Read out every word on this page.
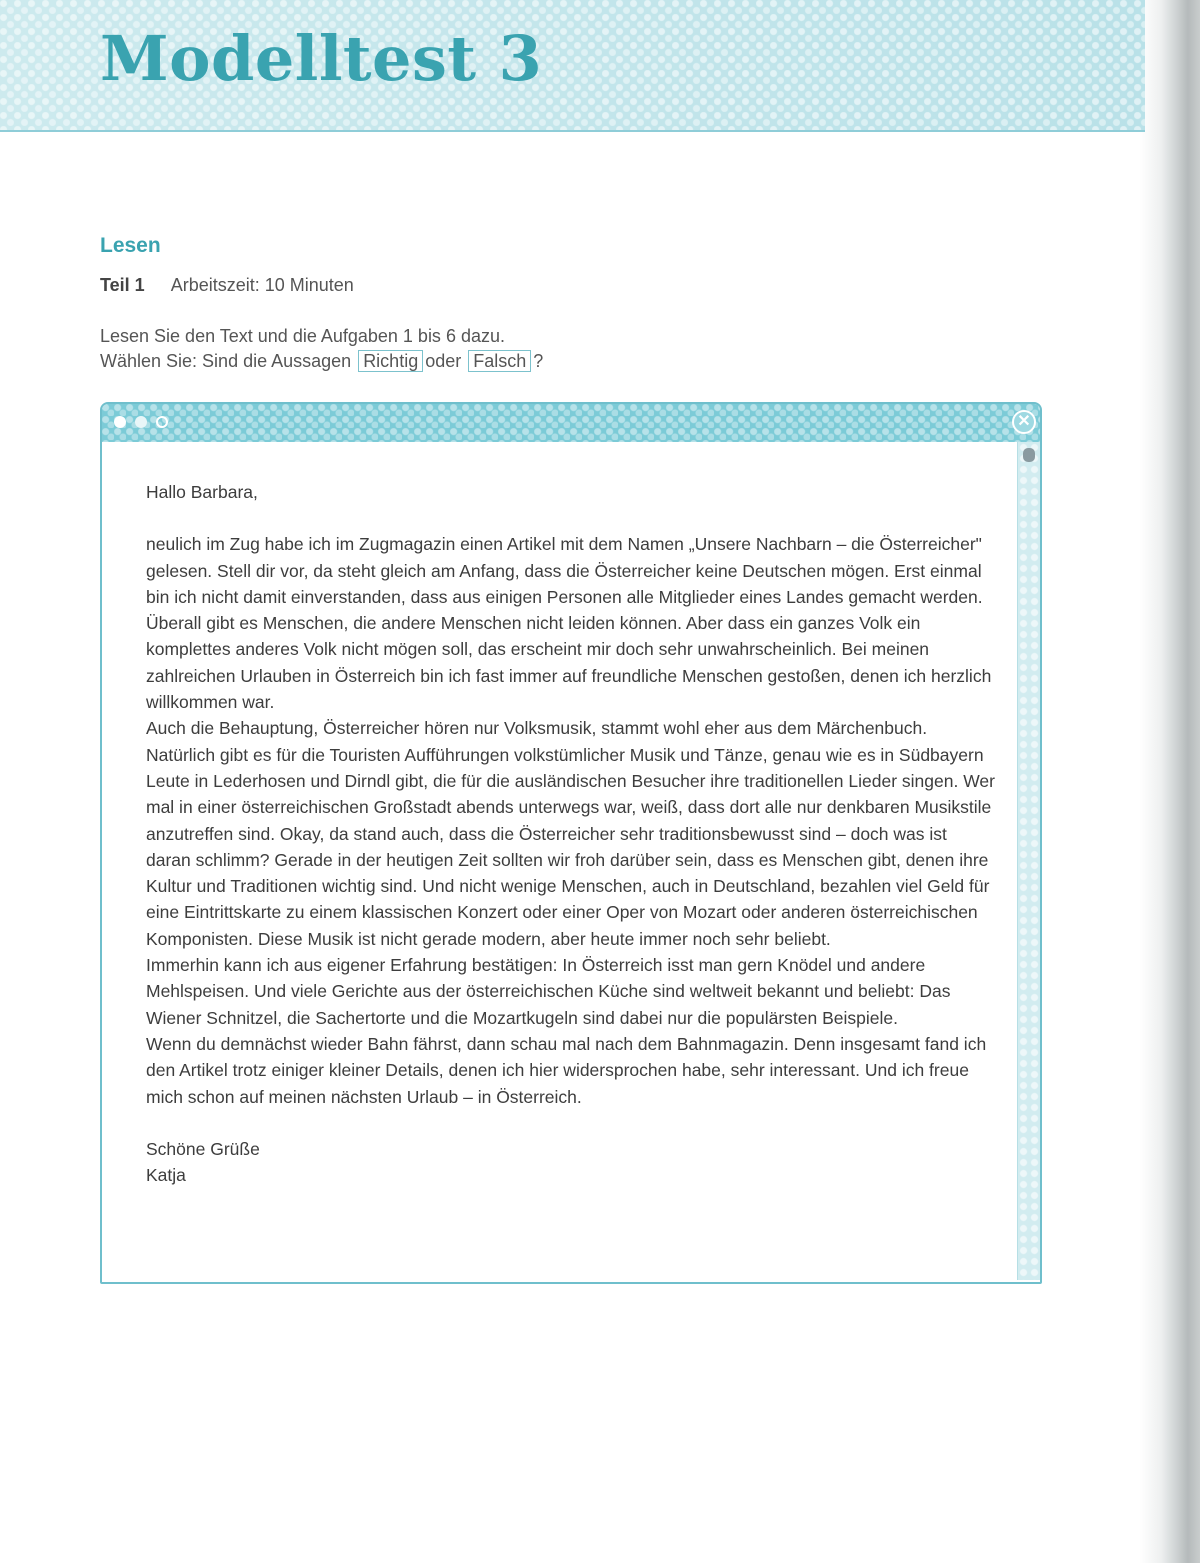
Modelltest 3
Lesen
Teil 1 Arbeitszeit: 10 Minuten
Lesen Sie den Text und die Aufgaben 1 bis 6 dazu.
Wählen Sie: Sind die Aussagen Richtig oder Falsch ?
✕

Hallo Barbara,

neulich im Zug habe ich im Zugmagazin einen Artikel mit dem Namen „Unsere Nachbarn – die Österreicher" gelesen. Stell dir vor, da steht gleich am Anfang, dass die Österreicher keine Deutschen mögen. Erst einmal bin ich nicht damit einverstanden, dass aus einigen Personen alle Mitglieder eines Landes gemacht werden. Überall gibt es Menschen, die andere Menschen nicht leiden können. Aber dass ein ganzes Volk ein komplettes anderes Volk nicht mögen soll, das erscheint mir doch sehr unwahrscheinlich. Bei meinen zahlreichen Urlauben in Österreich bin ich fast immer auf freundliche Menschen gestoßen, denen ich herzlich willkommen war.

Auch die Behauptung, Österreicher hören nur Volksmusik, stammt wohl eher aus dem Märchenbuch. Natürlich gibt es für die Touristen Aufführungen volkstümlicher Musik und Tänze, genau wie es in Südbayern Leute in Lederhosen und Dirndl gibt, die für die ausländischen Besucher ihre traditionellen Lieder singen. Wer mal in einer österreichischen Großstadt abends unterwegs war, weiß, dass dort alle nur denkbaren Musikstile anzutreffen sind. Okay, da stand auch, dass die Österreicher sehr traditionsbewusst sind – doch was ist daran schlimm? Gerade in der heutigen Zeit sollten wir froh darüber sein, dass es Menschen gibt, denen ihre Kultur und Traditionen wichtig sind. Und nicht wenige Menschen, auch in Deutschland, bezahlen viel Geld für eine Eintrittskarte zu einem klassischen Konzert oder einer Oper von Mozart oder anderen österreichischen Komponisten. Diese Musik ist nicht gerade modern, aber heute immer noch sehr beliebt.

Immerhin kann ich aus eigener Erfahrung bestätigen: In Österreich isst man gern Knödel und andere Mehlspeisen. Und viele Gerichte aus der österreichischen Küche sind weltweit bekannt und beliebt: Das Wiener Schnitzel, die Sachertorte und die Mozartkugeln sind dabei nur die populärsten Beispiele.

Wenn du demnächst wieder Bahn fährst, dann schau mal nach dem Bahnmagazin. Denn insgesamt fand ich den Artikel trotz einiger kleiner Details, denen ich hier widersprochen habe, sehr interessant. Und ich freue mich schon auf meinen nächsten Urlaub – in Österreich.

Schöne Grüße

Katja
